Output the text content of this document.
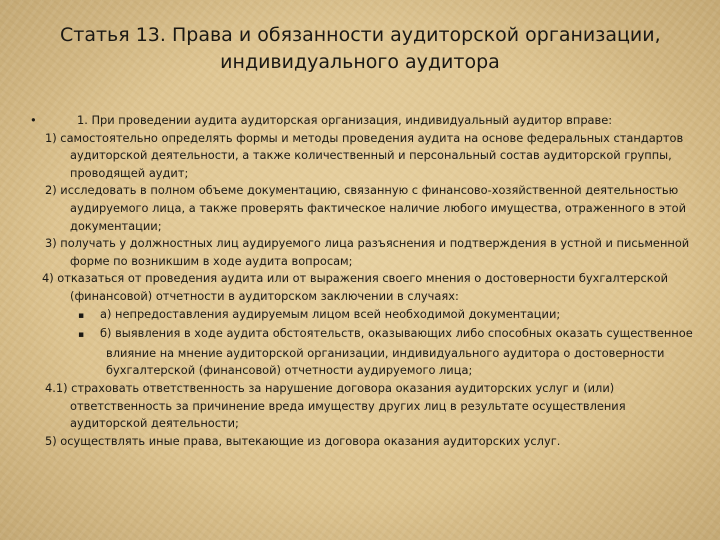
Статья 13. Права и обязанности аудиторской организации,
индивидуального аудитора
•	1. При проведении аудита аудиторская организация, индивидуальный аудитор вправе:
1) самостоятельно определять формы и методы проведения аудита на основе федеральных стандартов аудиторской деятельности, а также количественный и персональный состав аудиторской группы, проводящей аудит;
2) исследовать в полном объеме документацию, связанную с финансово-хозяйственной деятельностью аудируемого лица, а также проверять фактическое наличие любого имущества, отраженного в этой документации;
3) получать у должностных лиц аудируемого лица разъяснения и подтверждения в устной и письменной форме по возникшим в ходе аудита вопросам;
4) отказаться от проведения аудита или от выражения своего мнения о достоверности бухгалтерской (финансовой) отчетности в аудиторском заключении в случаях:
▪ а) непредоставления аудируемым лицом всей необходимой документации;
▪ б) выявления в ходе аудита обстоятельств, оказывающих либо способных оказать существенное влияние на мнение аудиторской организации, индивидуального аудитора о достоверности бухгалтерской (финансовой) отчетности аудируемого лица;
4.1) страховать ответственность за нарушение договора оказания аудиторских услуг и (или) ответственность за причинение вреда имуществу других лиц в результате осуществления аудиторской деятельности;
5) осуществлять иные права, вытекающие из договора оказания аудиторских услуг.
